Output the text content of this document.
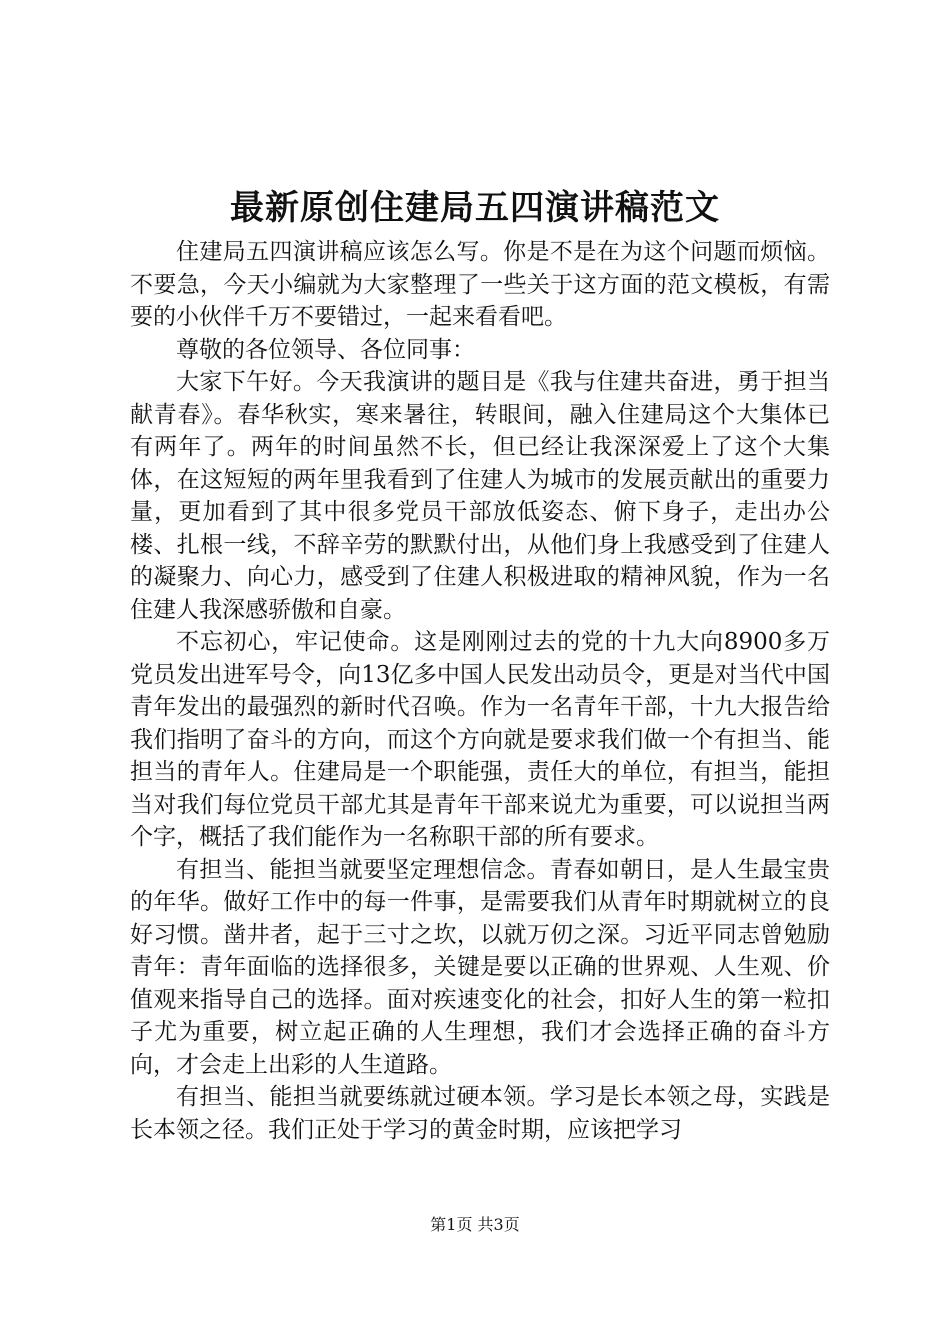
最新原创住建局五四演讲稿范文

住建局五四演讲稿应该怎么写。你是不是在为这个问题而烦恼。不要急，今天小编就为大家整理了一些关于这方面的范文模板，有需要的小伙伴千万不要错过，一起来看看吧。

尊敬的各位领导、各位同事：

大家下午好。今天我演讲的题目是《我与住建共奋进，勇于担当献青春》。春华秋实，寒来暑往，转眼间，融入住建局这个大集体已有两年了。两年的时间虽然不长，但已经让我深深爱上了这个大集体，在这短短的两年里我看到了住建人为城市的发展贡献出的重要力量，更加看到了其中很多党员干部放低姿态、俯下身子，走出办公楼、扎根一线，不辞辛劳的默默付出，从他们身上我感受到了住建人的凝聚力、向心力，感受到了住建人积极进取的精神风貌，作为一名住建人我深感骄傲和自豪。

不忘初心，牢记使命。这是刚刚过去的党的十九大向8900多万党员发出进军号令，向13亿多中国人民发出动员令，更是对当代中国青年发出的最强烈的新时代召唤。作为一名青年干部，十九大报告给我们指明了奋斗的方向，而这个方向就是要求我们做一个有担当、能担当的青年人。住建局是一个职能强，责任大的单位，有担当，能担当对我们每位党员干部尤其是青年干部来说尤为重要，可以说担当两个字，概括了我们能作为一名称职干部的所有要求。

有担当、能担当就要坚定理想信念。青春如朝日，是人生最宝贵的年华。做好工作中的每一件事，是需要我们从青年时期就树立的良好习惯。凿井者，起于三寸之坎，以就万仞之深。习近平同志曾勉励青年：青年面临的选择很多，关键是要以正确的世界观、人生观、价值观来指导自己的选择。面对疾速变化的社会，扣好人生的第一粒扣子尤为重要，树立起正确的人生理想，我们才会选择正确的奋斗方向，才会走上出彩的人生道路。

有担当、能担当就要练就过硬本领。学习是长本领之母，实践是长本领之径。我们正处于学习的黄金时期，应该把学习

第1页 共3页
